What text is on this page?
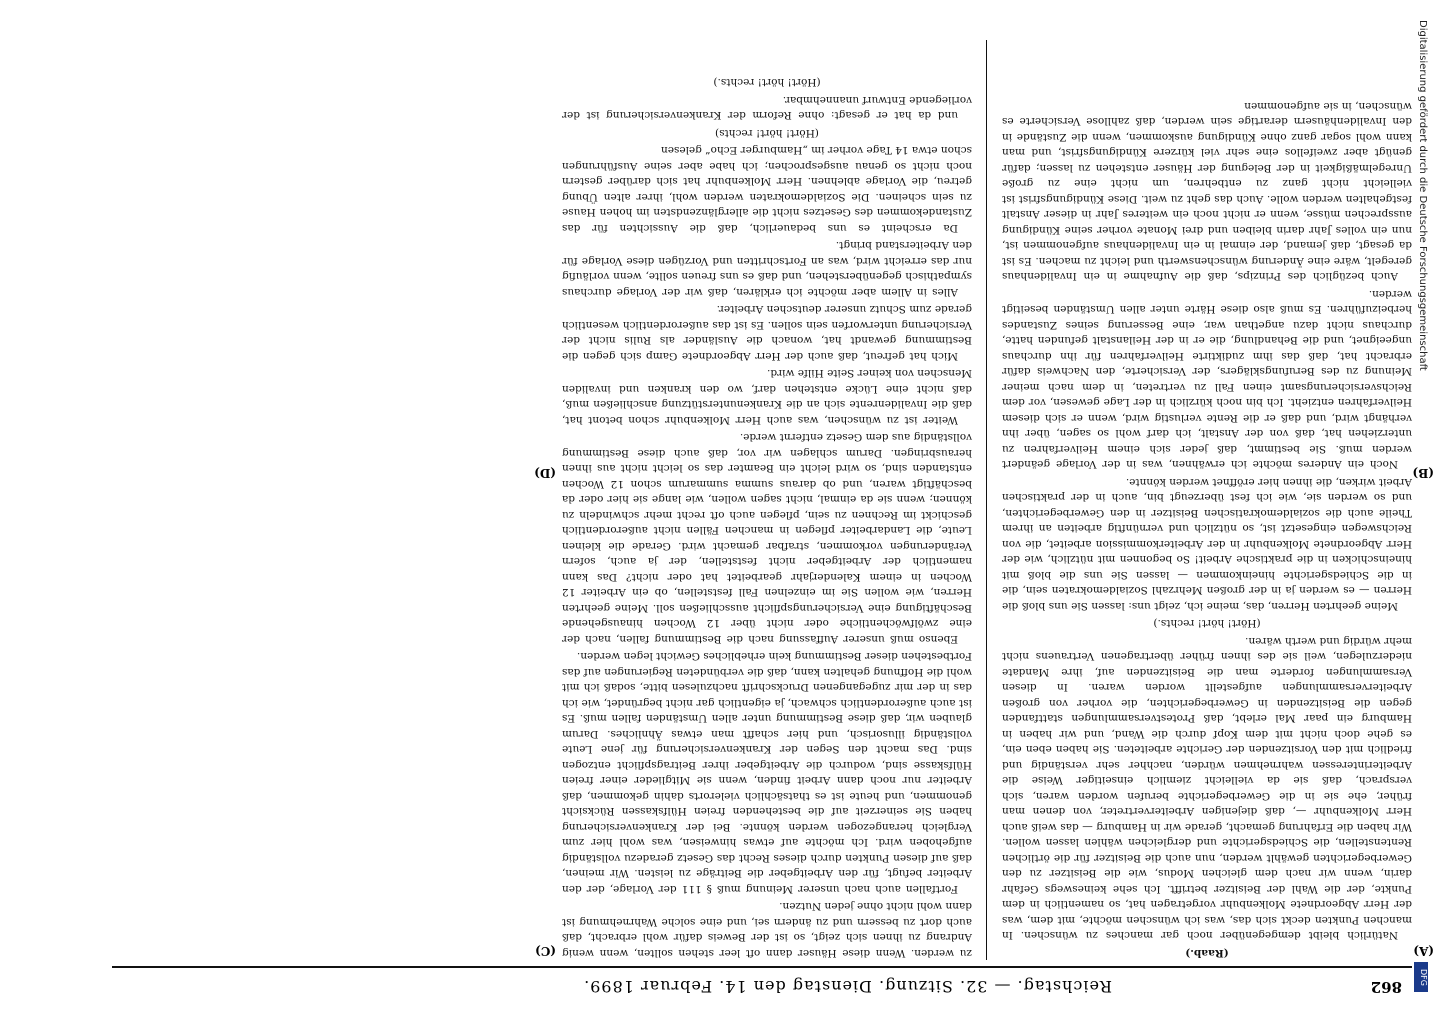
862
Reichstag. — 32. Sitzung. Dienstag den 14. Februar 1899.
(A)
(B)
(C)
(D)

(Raab.)

Natürlich bleibt demgegenüber noch gar manches zu wünschen. In manchen Punkten deckt sich das, was ich wünschen möchte, mit dem, was der Herr Abgeordnete Molkenbuhr vorgetragen hat, so namentlich in dem Punkte, der die Wahl der Beisitzer betrifft. Ich sehe keineswegs Gefahr darin, wenn wir nach dem gleichen Modus, wie die Beisitzer zu den Gewerbegerichten gewählt werden, nun auch die Beisitzer für die örtlichen Rentenstellen, die Schiedsgerichte und dergleichen wählen lassen wollen. Wir haben die Erfahrung gemacht, gerade wir in Hamburg — das weiß auch Herr Molkenbuhr —, daß diejenigen Arbeitervertreter, von denen man früher, ehe sie in die Gewerbegerichte berufen worden waren, sich versprach, daß sie da vielleicht ziemlich einseitiger Weise die Arbeiterinteressen wahrnehmen würden, nachher sehr verständig und friedlich mit den Vorsitzenden der Gerichte arbeiteten. Sie haben eben ein, es gehe doch nicht mit dem Kopf durch die Wand, und wir haben in Hamburg ein paar Mal erlebt, daß Protestversammlungen stattfanden gegen die Beisitzenden in Gewerbegerichten, die vorher von großen Arbeiterversammlungen aufgestellt worden waren. In diesen Versammlungen forderte man die Beisitzenden auf, ihre Mandate niederzulegen, weil sie des ihnen früher übertragenen Vertrauens nicht mehr würdig und werth wären.

(Hört! hört! rechts.)

Meine geehrten Herren, das, meine ich, zeigt uns: lassen Sie uns bloß die Herren — es werden ja in der großen Mehrzahl Sozialdemokraten sein, die in die Schiedsgerichte hineinkommen — lassen Sie uns die bloß mit hineinschicken in die praktische Arbeit! So begonnen mit nützlich, wie der Herr Abgeordnete Molkenbuhr in der Arbeiterkommission arbeitet, die von Reichswegen eingesetzt ist, so nützlich und vernünftig arbeiten an ihrem Theile auch die sozialdemokratischen Beisitzer in den Gewerbegerichten, und so werden sie, wie ich fest überzeugt bin, auch in der praktischen Arbeit wirken, die ihnen hier eröffnet werden könnte.

Noch ein Anderes möchte ich erwähnen, was in der Vorlage geändert werden muß. Sie bestimmt, daß jeder sich einem Heilverfahren zu unterziehen hat, daß von der Anstalt, ich darf wohl so sagen, über ihn verhängt wird, und daß er die Rente verlustig wird, wenn er sich diesem Heilverfahren entzieht. Ich bin noch kürzlich in der Lage gewesen, vor dem Reichsversicherungsamt einen Fall zu vertreten, in dem nach meiner Meinung zu des Berufungsklägers, der Versicherte, den Nachweis dafür erbracht hat, daß das ihm zudiktirte Heilverfahren für ihn durchaus ungeeignet, und die Behandlung, die er in der Heilanstalt gefunden hatte, durchaus nicht dazu angethan war, eine Besserung seines Zustandes herbeizuführen. Es muß also diese Härte unter allen Umständen beseitigt werden.

Auch bezüglich des Prinzips, daß die Aufnahme in ein Invalidenhaus geregelt, wäre eine Änderung wünschenswerth und leicht zu machen. Es ist da gesagt, daß jemand, der einmal in ein Invalidenhaus aufgenommen ist, nun ein volles Jahr darin bleiben und drei Monate vorher seine Kündigung aussprechen müsse, wenn er nicht noch ein weiteres Jahr in dieser Anstalt festgehalten werden wolle. Auch das geht zu weit. Diese Kündigungsfrist ist vielleicht nicht ganz zu entbehren, um nicht eine zu große Unregelmäßigkeit in der Belegung der Häuser entstehen zu lassen; dafür genügt aber zweifellos eine sehr viel kürzere Kündigungsfrist, und man kann wohl sogar ganz ohne Kündigung auskommen, wenn die Zustände in den Invalidenhäusern derartige sein werden, daß zahllose Versicherte es wünschen, in sie aufgenommen

zu werden. Wenn diese Häuser dann oft leer stehen sollten, wenn wenig Andrang zu ihnen sich zeigt, so ist der Beweis dafür wohl erbracht, daß auch dort zu bessern und zu ändern sei, und eine solche Wahrnehmung ist dann wohl nicht ohne jeden Nutzen.

Fortfallen auch nach unserer Meinung muß § 111 der Vorlage, der den Arbeiter befugt, für den Arbeitgeber die Beiträge zu leisten. Wir meinen, daß auf diesen Punkten durch dieses Recht das Gesetz geradezu vollständig aufgehoben wird. Ich möchte auf etwas hinweisen, was wohl hier zum Vergleich herangezogen werden könnte. Bei der Krankenversicherung haben Sie seinerzeit auf die bestehenden freien Hülfskassen Rücksicht genommen, und heute ist es thatsächlich vielerorts dahin gekommen, daß Arbeiter nur noch dann Arbeit finden, wenn sie Mitglieder einer freien Hülfskasse sind, wodurch die Arbeitgeber ihrer Beitragspflicht entzogen sind. Das macht den Segen der Krankenversicherung für jene Leute vollständig illusorisch, und hier schafft man etwas Ähnliches. Darum glauben wir, daß diese Bestimmung unter allen Umständen fallen muß. Es ist auch außerordentlich schwach, ja eigentlich gar nicht begründet, wie ich das in der mir zugegangenen Druckschrift nachzulesen bitte, sodaß ich mit wohl die Hoffnung gehalten kann, daß die verbündeten Regierungen auf das Fortbestehen dieser Bestimmung kein erhebliches Gewicht legen werden.

Ebenso muß unserer Auffassung nach die Bestimmung fallen, nach der eine zwölfwöchentliche oder nicht über 12 Wochen hinausgehende Beschäftigung eine Versicherungspflicht ausschließen soll. Meine geehrten Herren, wie wollen Sie im einzelnen Fall feststellen, ob ein Arbeiter 12 Wochen in einem Kalenderjahr gearbeitet hat oder nicht? Das kann namentlich der Arbeitgeber nicht feststellen, der ja auch, sofern Veränderungen vorkommen, strafbar gemacht wird. Gerade die kleinen Leute, die Landarbeiter pflegen in manchen Fällen nicht außerordentlich geschickt im Rechnen zu sein, pflegen auch oft recht mehr schwindeln zu können; wenn sie da einmal, nicht sagen wollen, wie lange sie hier oder da beschäftigt waren, und ob daraus summa summarum schon 12 Wochen entstanden sind, so wird leicht ein Beamter das so leicht nicht aus ihnen herausbringen. Darum schlagen wir vor, daß auch diese Bestimmung vollständig aus dem Gesetz entfernt werde.

Weiter ist zu wünschen, was auch Herr Molkenbuhr schon betont hat, daß die Invalidenrente sich an die Krankenunterstützung anschließen muß, daß nicht eine Lücke entstehen darf, wo den kranken und invaliden Menschen von keiner Seite Hilfe wird.

Mich hat gefreut, daß auch der Herr Abgeordnete Gamp sich gegen die Bestimmung gewandt hat, wonach die Ausländer als Rulis nicht der Versicherung unterworfen sein sollen. Es ist das außerordentlich wesentlich gerade zum Schutz unserer deutschen Arbeiter.

Alles in Allem aber möchte ich erklären, daß wir der Vorlage durchaus sympathisch gegenüberstehen, und daß es uns freuen sollte, wenn vorläufig nur das erreicht wird, was an Fortschritten und Vorzügen diese Vorlage für den Arbeiterstand bringt.

Da erscheint es uns bedauerlich, daß die Aussichten für das Zustandekommen des Gesetzes nicht die allerglänzendsten im hohen Hause zu sein scheinen. Die Sozialdemokraten werden wohl, ihrer alten Übung getreu, die Vorlage ablehnen. Herr Molkenbuhr hat sich darüber gestern noch nicht so genau ausgesprochen; ich habe aber seine Ausführungen schon etwa 14 Tage vorher im „Hamburger Echo“ gelesen

(Hört! hört! rechts)

und da hat er gesagt: ohne Reform der Krankenversicherung ist der vorliegende Entwurf unannehmbar.

(Hört! hört! rechts.)	Digitalisierung gefördert durch die Deutsche Forschungsgemeinschaft
DFG
